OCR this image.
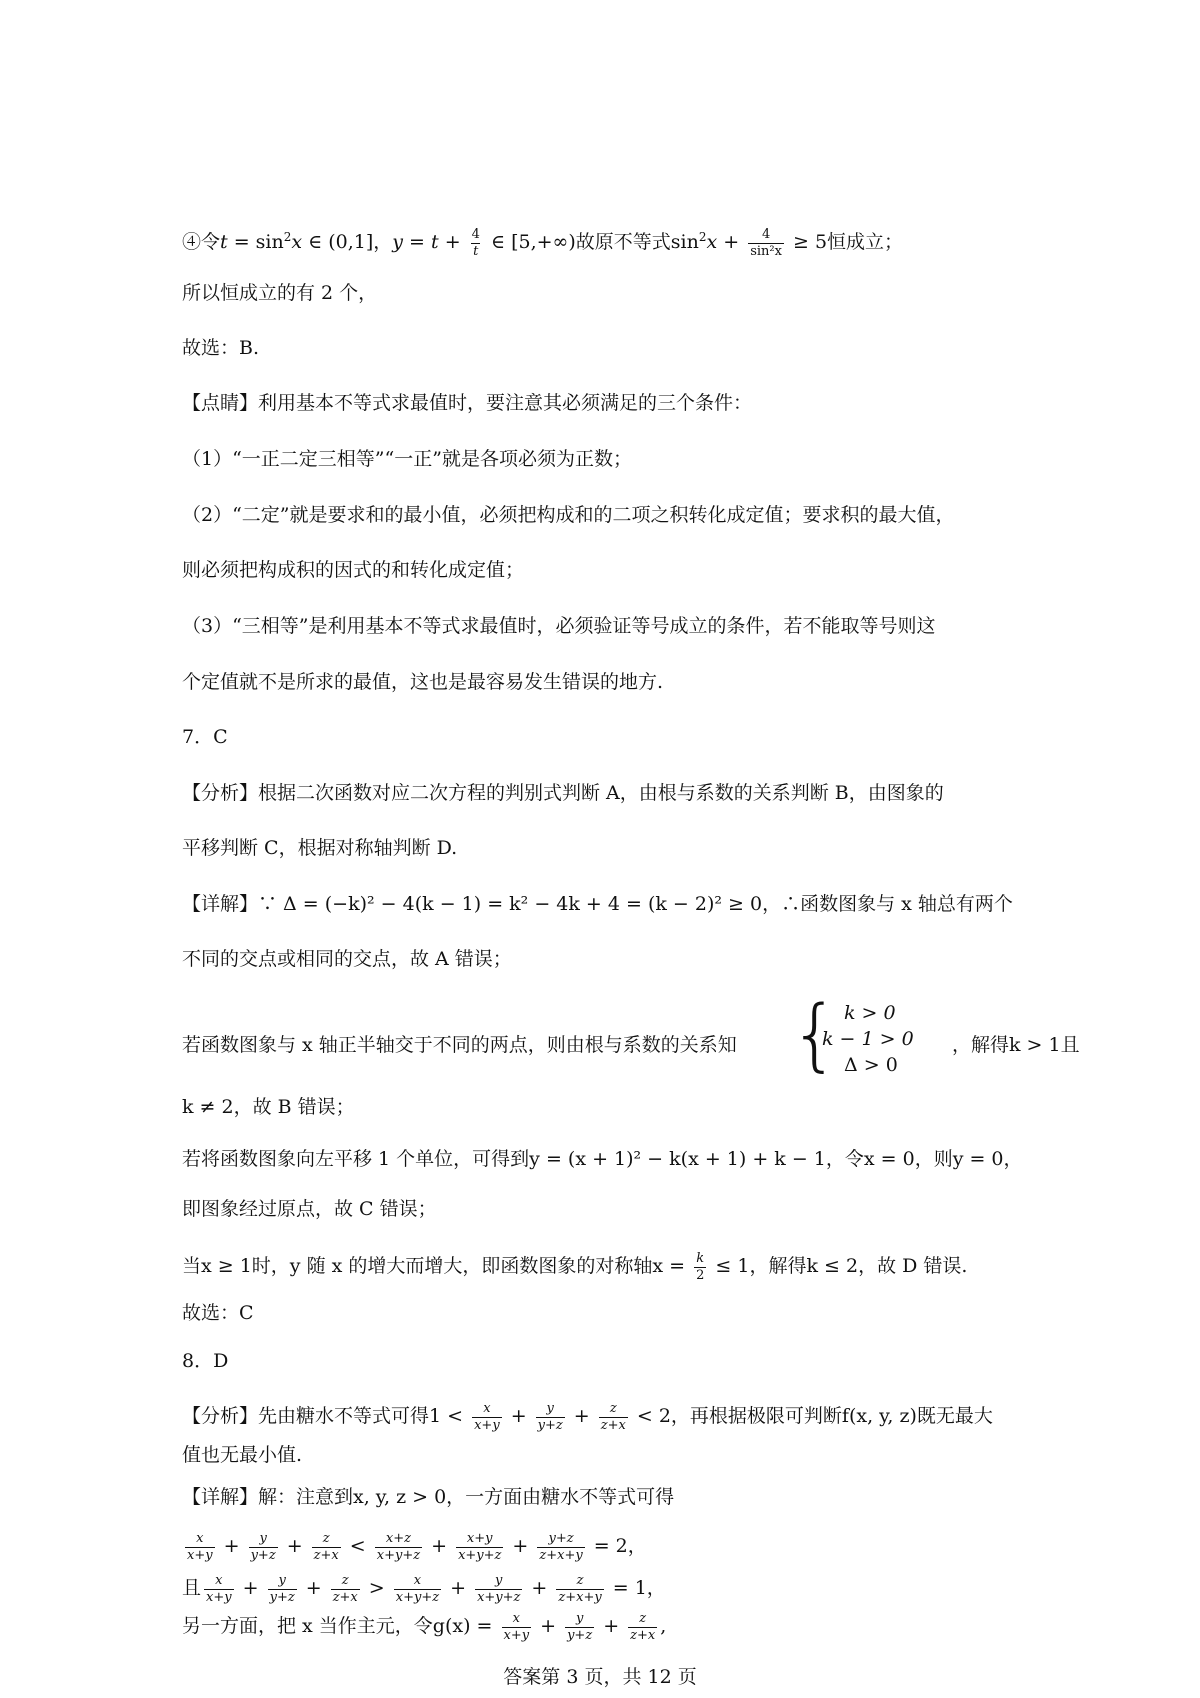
④令$t = \sin^2x$ ∈ (0,1]，$y = t + \frac{4}{t}$ ∈ [5,+∞)故原不等式$\sin^2x + \frac{4}{\text{sin²x}} \ge 5$恒成立；
所以恒成立的有 2 个，
故选：B.
【点睛】利用基本不等式求最值时，要注意其必须满足的三个条件：
（1）“一正二定三相等”“一正”就是各项必须为正数；
（2）“二定”就是要求和的最小值，必须把构成和的二项之积转化成定值；要求积的最大值，
则必须把构成积的因式的和转化成定值；
（3）“三相等”是利用基本不等式求最值时，必须验证等号成立的条件，若不能取等号则这
个定值就不是所求的最值，这也是最容易发生错误的地方.
7．C
【分析】根据二次函数对应二次方程的判别式判断 A，由根与系数的关系判断 B，由图象的
平移判断 C，根据对称轴判断 D.
【详解】∵ Δ = (−k)² − 4(k − 1) = k² − 4k + 4 = (k − 2)² ≥ 0，∴函数图象与 x 轴总有两个
不同的交点或相同的交点，故 A 错误；
若函数图象与 x 轴正半轴交于不同的两点，则由根与系数的关系知 { k > 0
k − 1 > 0
Δ > 0
，解得k > 1且
k ≠ 2，故 B 错误；
若将函数图象向左平移 1 个单位，可得到y = (x + 1)² − k(x + 1) + k − 1，令x = 0，则y = 0，
即图象经过原点，故 C 错误；
当x ≥ 1时，y 随 x 的增大而增大，即函数图象的对称轴$x = \frac{k}{2} \le 1$，解得k ≤ 2，故 D 错误.
故选：C
8．D
【分析】先由糖水不等式可得$1 < \frac{x}{x+y} + \frac{y}{y+z} + \frac{z}{z+x} < 2$，再根据极限可判断f(x, y, z)既无最大
值也无最小值.
【详解】解：注意到x, y, z > 0，一方面由糖水不等式可得
答案第 3 页，共 12 页
$\frac{x}{x+y} + \frac{y}{y+z} + \frac{z}{z+x} < \frac{x+z}{x+y+z} + \frac{x+y}{x+y+z} + \frac{y+z}{z+x+y} = 2$，
且 $\frac{x}{x+y} + \frac{y}{y+z} + \frac{z}{z+x} > \frac{x}{x+y+z} + \frac{y}{x+y+z} + \frac{z}{z+x+y} = 1$，
另一方面，把 x 当作主元，令$g(x) = \frac{x}{x+y} + \frac{y}{y+z} + \frac{z}{z+x}$ ,
